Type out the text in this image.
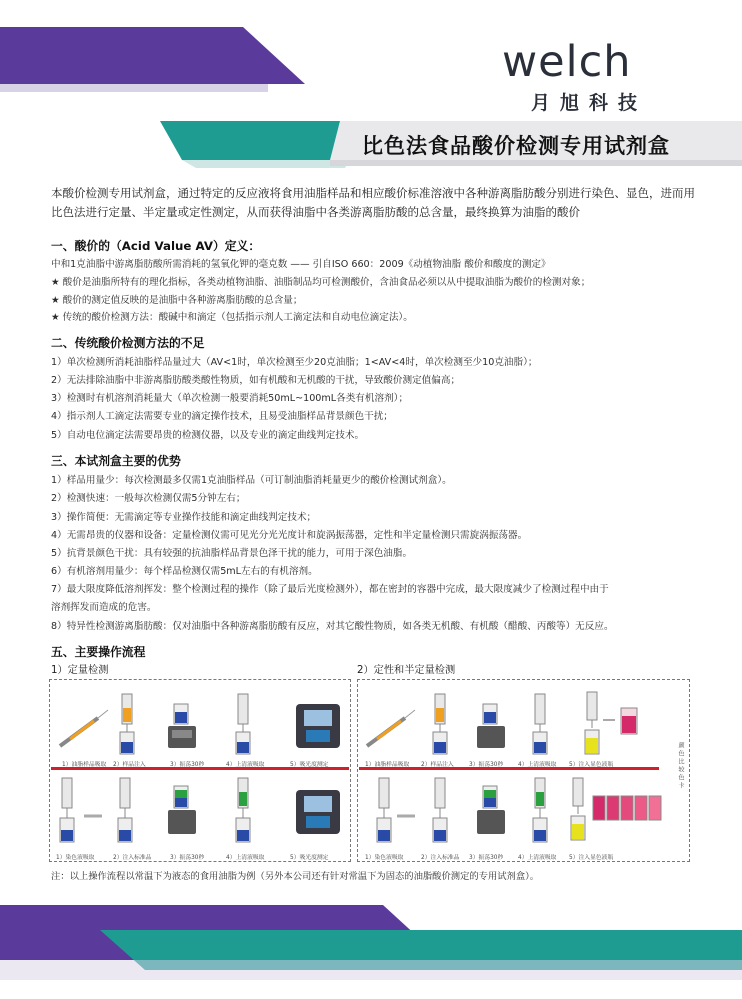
welch
月旭科技
比色法食品酸价检测专用试剂盒
本酸价检测专用试剂盒，通过特定的反应液将食用油脂样品和相应酸价标准溶液中各种游离脂肪酸分别进行染色、显色，进而用比色法进行定量、半定量或定性测定，从而获得油脂中各类游离脂肪酸的总含量，最终换算为油脂的酸价
一、酸价的（Acid Value AV）定义：
中和1克油脂中游离脂肪酸所需消耗的氢氧化钾的毫克数 —— 引自ISO 660：2009《动植物油脂 酸价和酸度的测定》
★ 酸价是油脂所特有的理化指标，各类动植物油脂、油脂制品均可检测酸价，含油食品必须以从中提取油脂为酸价的检测对象；
★ 酸价的测定值反映的是油脂中各种游离脂肪酸的总含量；
★ 传统的酸价检测方法：酸碱中和滴定（包括指示剂人工滴定法和自动电位滴定法）。
二、传统酸价检测方法的不足
1）单次检测所消耗油脂样品量过大（AV<1时，单次检测至少20克油脂；1<AV<4时，单次检测至少10克油脂）；
2）无法排除油脂中非游离脂肪酸类酸性物质，如有机酸和无机酸的干扰，导致酸价测定值偏高；
3）检测时有机溶剂消耗量大（单次检测一般要消耗50mL~100mL各类有机溶剂）；
4）指示剂人工滴定法需要专业的滴定操作技术，且易受油脂样品背景颜色干扰；
5）自动电位滴定法需要昂贵的检测仪器，以及专业的滴定曲线判定技术。
三、本试剂盒主要的优势
1）样品用量少：每次检测最多仅需1克油脂样品（可订制油脂消耗量更少的酸价检测试剂盒）。
2）检测快速：一般每次检测仅需5分钟左右；
3）操作简便：无需滴定等专业操作技能和滴定曲线判定技术；
4）无需昂贵的仪器和设备：定量检测仪需可见光分光光度计和旋涡振荡器，定性和半定量检测只需旋涡振荡器。
5）抗背景颜色干扰：具有较强的抗油脂样品背景色泽干扰的能力，可用于深色油脂。
6）有机溶剂用量少：每个样品检测仅需5mL左右的有机溶剂。
7）最大限度降低溶剂挥发：整个检测过程的操作（除了最后光度检测外），都在密封的容器中完成，最大限度减少了检测过程中由于
溶剂挥发而造成的危害。
8）特异性检测游离脂肪酸：仅对油脂中各种游离脂肪酸有反应，对其它酸性物质，如各类无机酸、有机酸（醋酸、丙酸等）无反应。
五、主要操作流程
1）定量检测	2）定性和半定量检测
1）油脂样品吸取 2）样品注入	3）振荡30秒	4）上清液吸取	5）吸光度测定
1）染色液吸取	2）注入标准品	3）振荡30秒	4）上清液吸取	5）吸光度测定
1）油脂样品吸取 2）样品注入	3）振荡30秒	4）上清液吸取 5）注入显色液瓶
1）染色液吸取	2）注入标准品 3）振荡30秒	4）上清液吸取 5）注入显色液瓶
颜色比较色卡
注：以上操作流程以常温下为液态的食用油脂为例（另外本公司还有针对常温下为固态的油脂酸价测定的专用试剂盒）。
